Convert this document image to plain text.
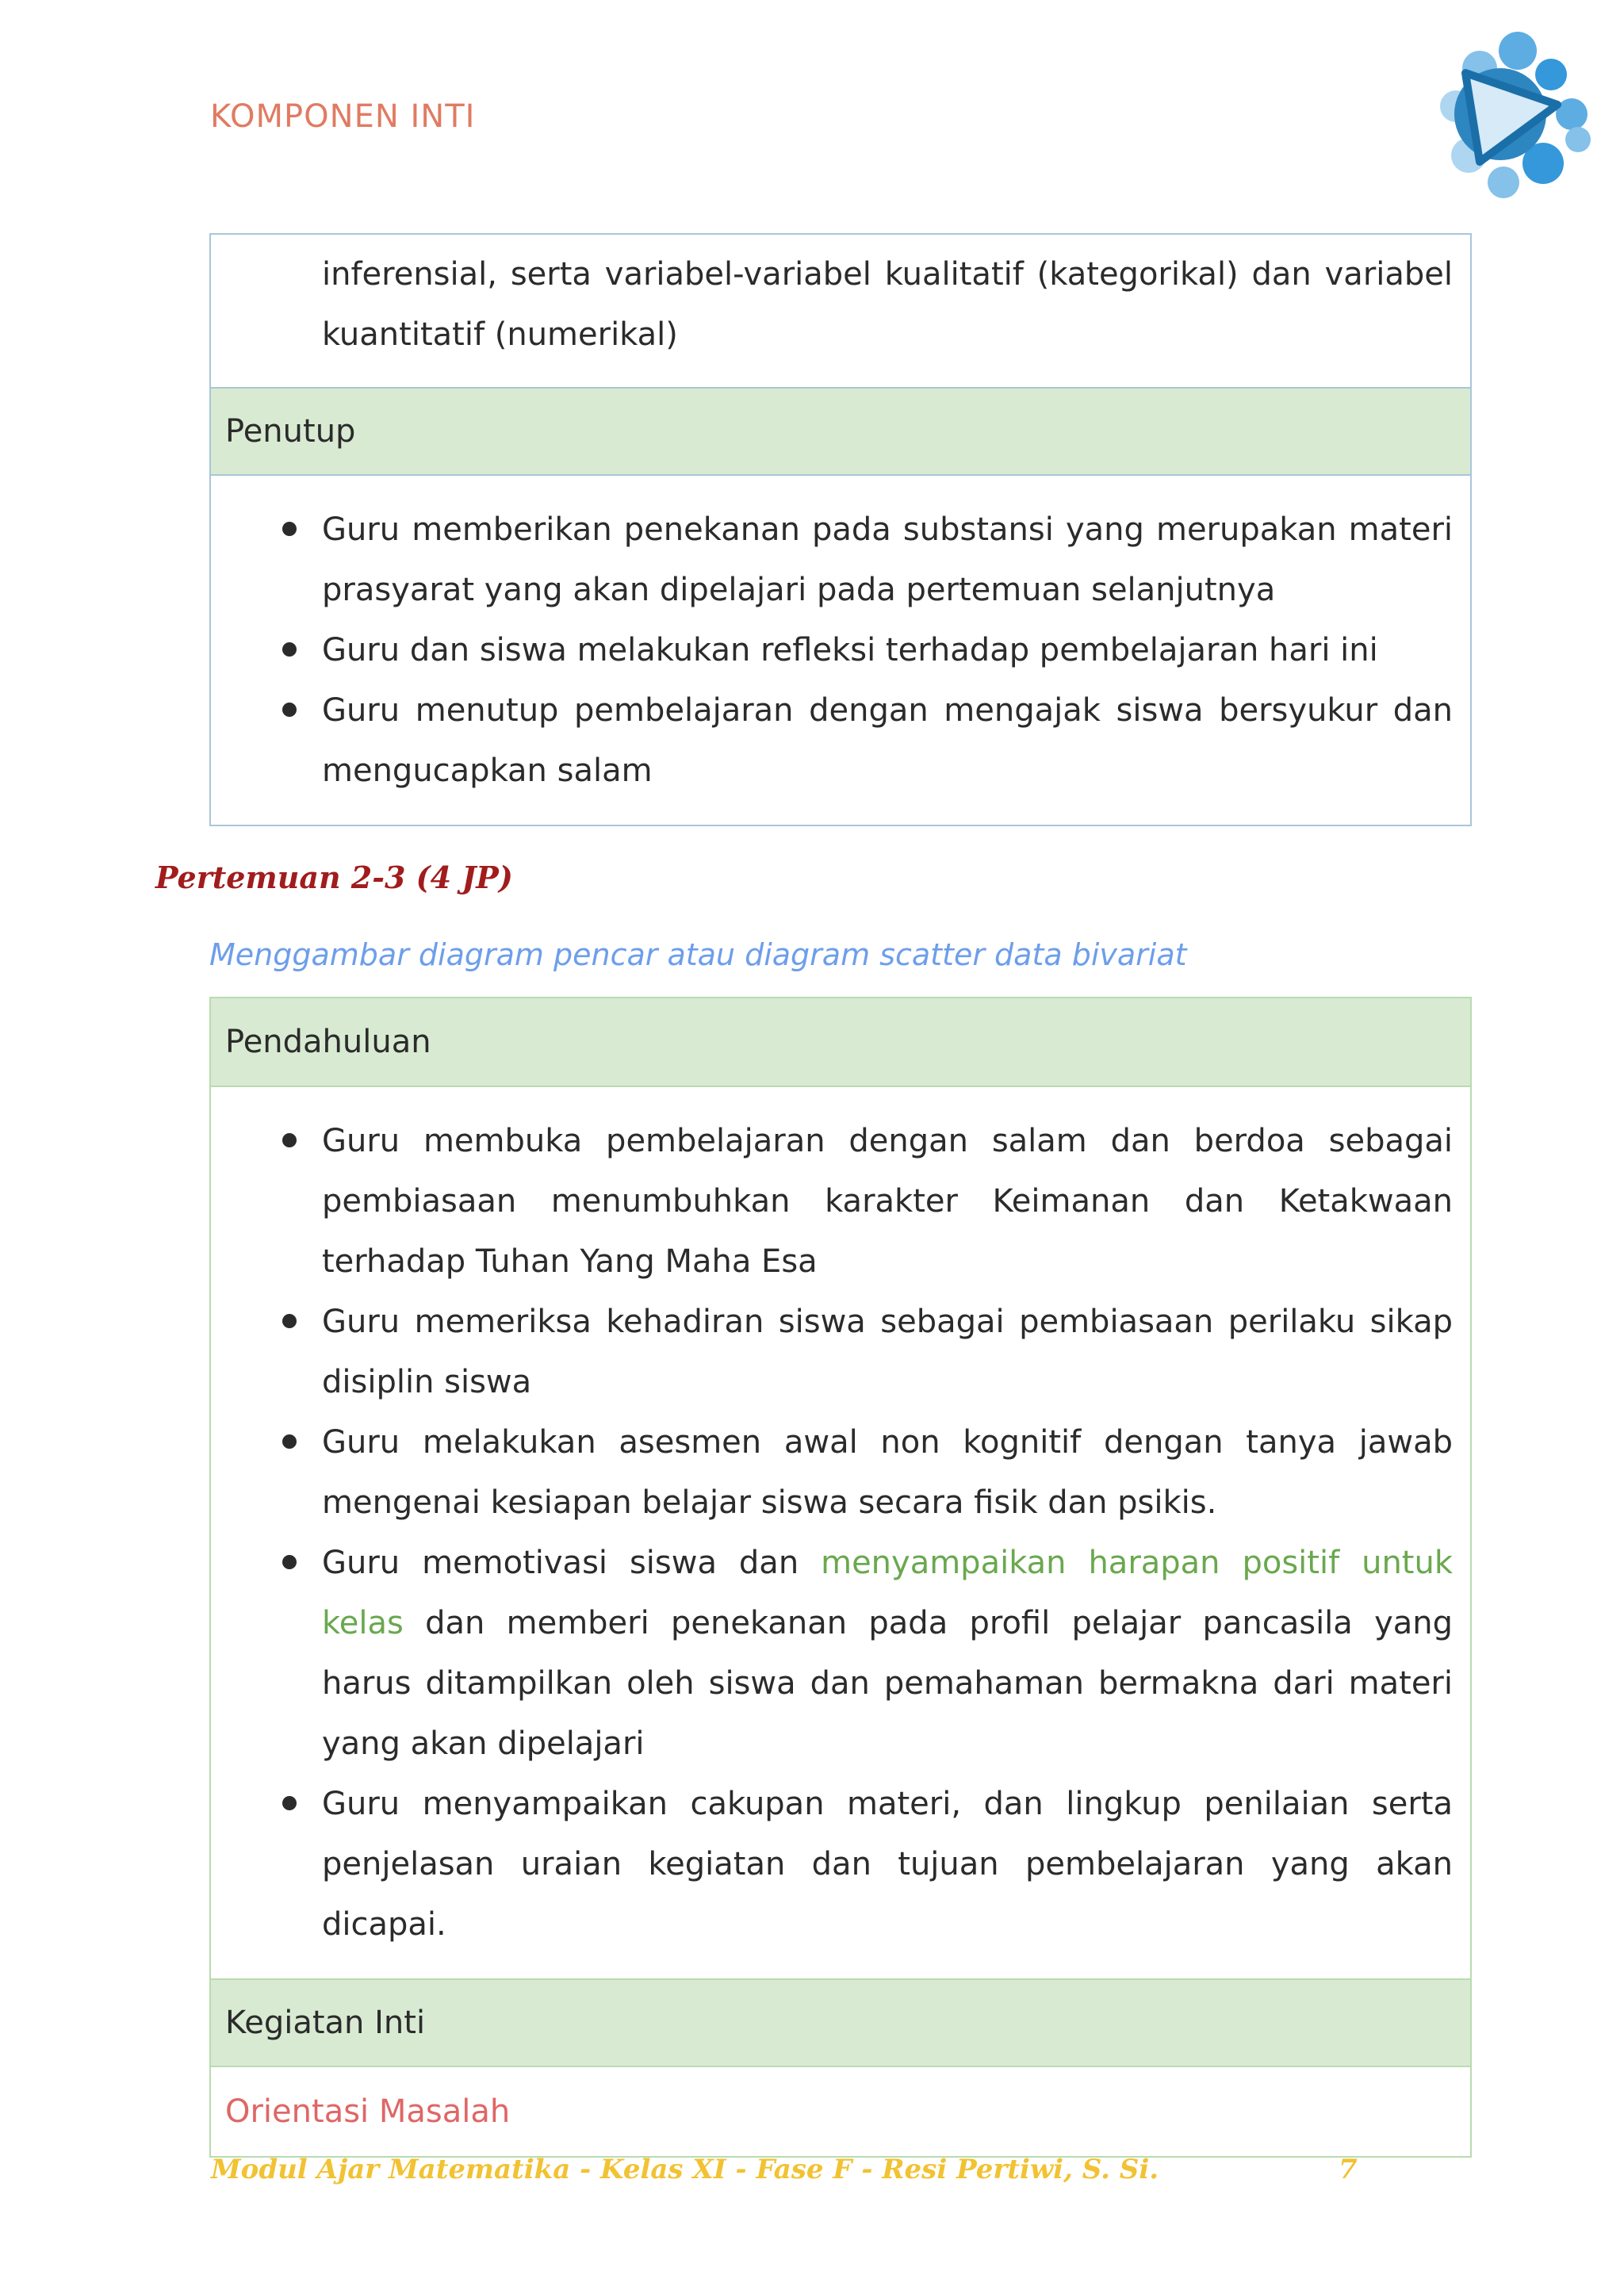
KOMPONEN INTI
inferensial, serta variabel-variabel kualitatif (kategorikal) dan variabel kuantitatif (numerikal)
Penutup
Guru memberikan penekanan pada substansi yang merupakan materi prasyarat yang akan dipelajari pada pertemuan selanjutnya
Guru dan siswa melakukan refleksi terhadap pembelajaran hari ini
Guru menutup pembelajaran dengan mengajak siswa bersyukur dan mengucapkan salam
Pertemuan 2-3 (4 JP)
Menggambar diagram pencar atau diagram scatter data bivariat
Pendahuluan
Guru membuka pembelajaran dengan salam dan berdoa sebagai pembiasaan menumbuhkan karakter Keimanan dan Ketakwaan terhadap Tuhan Yang Maha Esa
Guru memeriksa kehadiran siswa sebagai pembiasaan perilaku sikap disiplin siswa
Guru melakukan asesmen awal non kognitif dengan tanya jawab mengenai kesiapan belajar siswa secara fisik dan psikis.
Guru memotivasi siswa dan menyampaikan harapan positif untuk kelas dan memberi penekanan pada profil pelajar pancasila yang harus ditampilkan oleh siswa dan pemahaman bermakna dari materi yang akan dipelajari
Guru menyampaikan cakupan materi, dan lingkup penilaian serta penjelasan uraian kegiatan dan tujuan pembelajaran yang akan dicapai.
Kegiatan Inti
Orientasi Masalah
Modul Ajar Matematika - Kelas XI - Fase F - Resi Pertiwi, S. Si.	7
